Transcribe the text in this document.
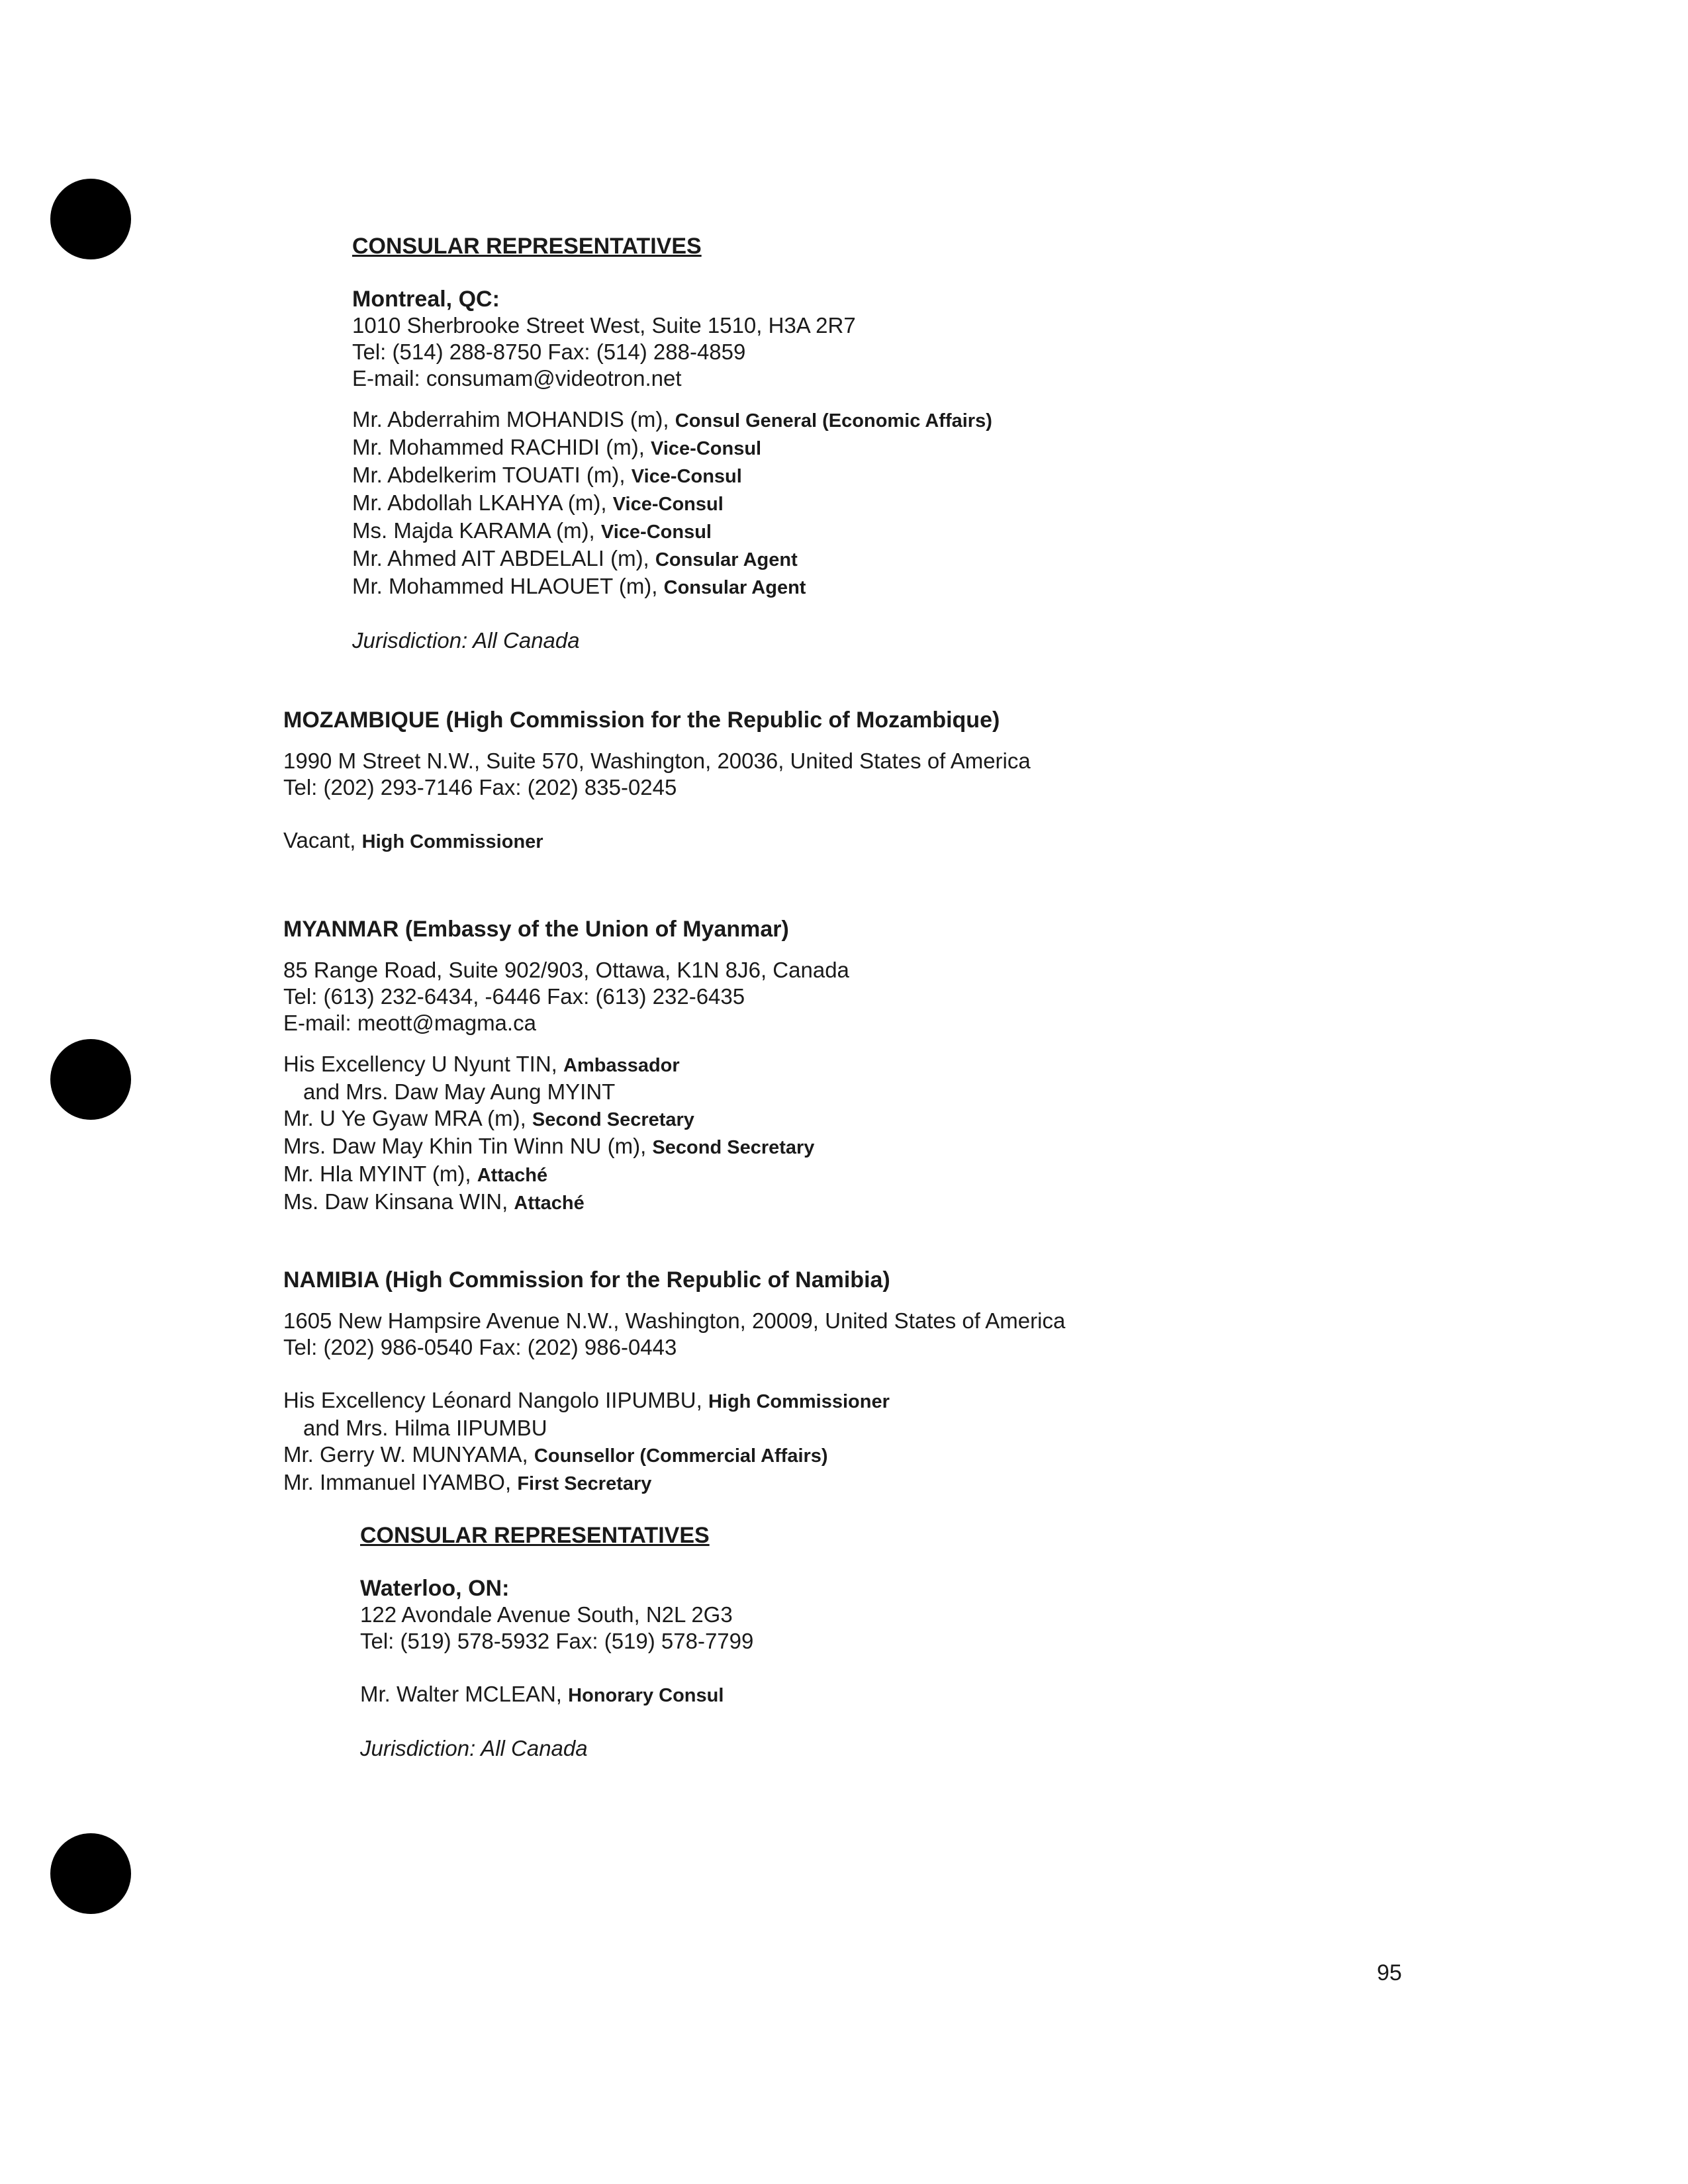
CONSULAR REPRESENTATIVES
Montreal, QC:
1010 Sherbrooke Street West, Suite 1510, H3A 2R7
Tel: (514) 288-8750 Fax: (514) 288-4859
E-mail: consumam@videotron.net
Mr. Abderrahim MOHANDIS (m), Consul General (Economic Affairs)
Mr. Mohammed RACHIDI (m), Vice-Consul
Mr. Abdelkerim TOUATI (m), Vice-Consul
Mr. Abdollah LKAHYA (m), Vice-Consul
Ms. Majda KARAMA (m), Vice-Consul
Mr. Ahmed AIT ABDELALI (m), Consular Agent
Mr. Mohammed HLAOUET (m), Consular Agent
Jurisdiction: All Canada
MOZAMBIQUE (High Commission for the Republic of Mozambique)
1990 M Street N.W., Suite 570, Washington, 20036, United States of America
Tel: (202) 293-7146 Fax: (202) 835-0245
Vacant, High Commissioner
MYANMAR (Embassy of the Union of Myanmar)
85 Range Road, Suite 902/903, Ottawa, K1N 8J6, Canada
Tel: (613) 232-6434, -6446 Fax: (613) 232-6435
E-mail: meott@magma.ca
His Excellency U Nyunt TIN, Ambassador
and Mrs. Daw May Aung MYINT
Mr. U Ye Gyaw MRA (m), Second Secretary
Mrs. Daw May Khin Tin Winn NU (m), Second Secretary
Mr. Hla MYINT (m), Attaché
Ms. Daw Kinsana WIN, Attaché
NAMIBIA (High Commission for the Republic of Namibia)
1605 New Hampsire Avenue N.W., Washington, 20009, United States of America
Tel: (202) 986-0540 Fax: (202) 986-0443
His Excellency Léonard Nangolo IIPUMBU, High Commissioner
and Mrs. Hilma IIPUMBU
Mr. Gerry W. MUNYAMA, Counsellor (Commercial Affairs)
Mr. Immanuel IYAMBO, First Secretary
CONSULAR REPRESENTATIVES
Waterloo, ON:
122 Avondale Avenue South, N2L 2G3
Tel: (519) 578-5932 Fax: (519) 578-7799
Mr. Walter MCLEAN, Honorary Consul
Jurisdiction: All Canada
95
